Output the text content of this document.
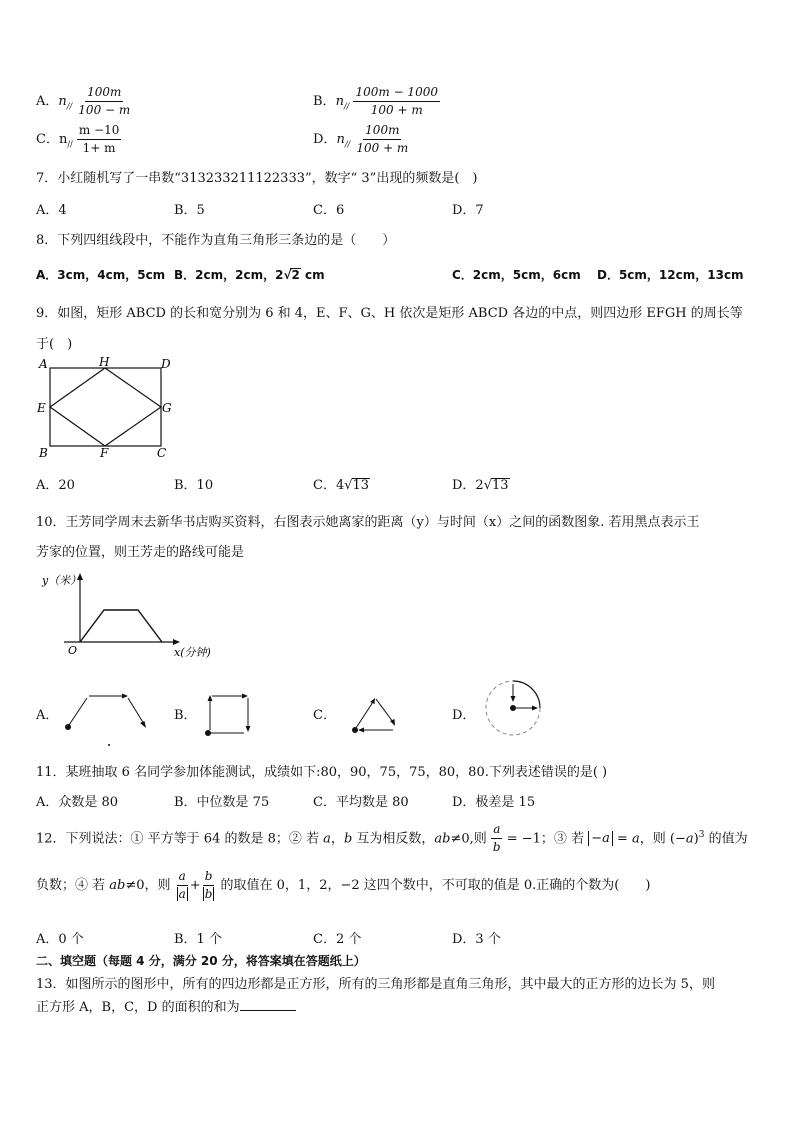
A．$n_{//} \frac{100m}{100 - m}$	B．$n_{//} \frac{100m - 1000}{100 + m}$
C．$n_{//} \frac{m -10}{1+ m}$	D．$n_{//} \frac{100m}{100 + m}$
7．小红随机写了一串数“313233211122333”，数字“ 3”出现的频数是(　)
A．4	B．5	C．6	D．7
8．下列四组线段中，不能作为直角三角形三条边的是（　　）
A．3cm，4cm，5cm B．2cm，2cm，2√2 cm	C．2cm，5cm，6cm D．5cm，12cm，13cm
9．如图，矩形 ABCD 的长和宽分别为 6 和 4，E、F、G、H 依次是矩形 ABCD 各边的中点，则四边形 EFGH 的周长等
于(　)
A	H	D
E	G
B	F	C
A．20	B．10	C．4√13	D．2√13
10．王芳同学周末去新华书店购买资料，右图表示她离家的距离（y）与时间（x）之间的函数图象. 若用黑点表示王
芳家的位置，则王芳走的路线可能是
y（米）
O	x(分钟)
A．	B．	C．	D．
11．某班抽取 6 名同学参加体能测试，成绩如下:80，90，75，75，80，80.下列表述错误的是( )
A．众数是 80	B．中位数是 75	C．平均数是 80	D．极差是 15
12．下列说法：① 平方等于 64 的数是 8；② 若 a，b 互为相反数，ab≠0,则 $\frac{a}{b} = -1$；③ 若 −a = a，则 $(-a)^3$ 的值为
负数；④ 若 ab≠0，则 $\frac{a}{a} + \frac{b}{b}$ 的取值在 0，1，2，−2 这四个数中，不可取的值是 0.正确的个数为(　　)
A．0 个	B．1 个	C．2 个	D．3 个
二、填空题（每题 4 分，满分 20 分，将答案填在答题纸上）
13．如图所示的图形中，所有的四边形都是正方形，所有的三角形都是直角三角形，其中最大的正方形的边长为 5，则
正方形 A，B，C，D 的面积的和为
